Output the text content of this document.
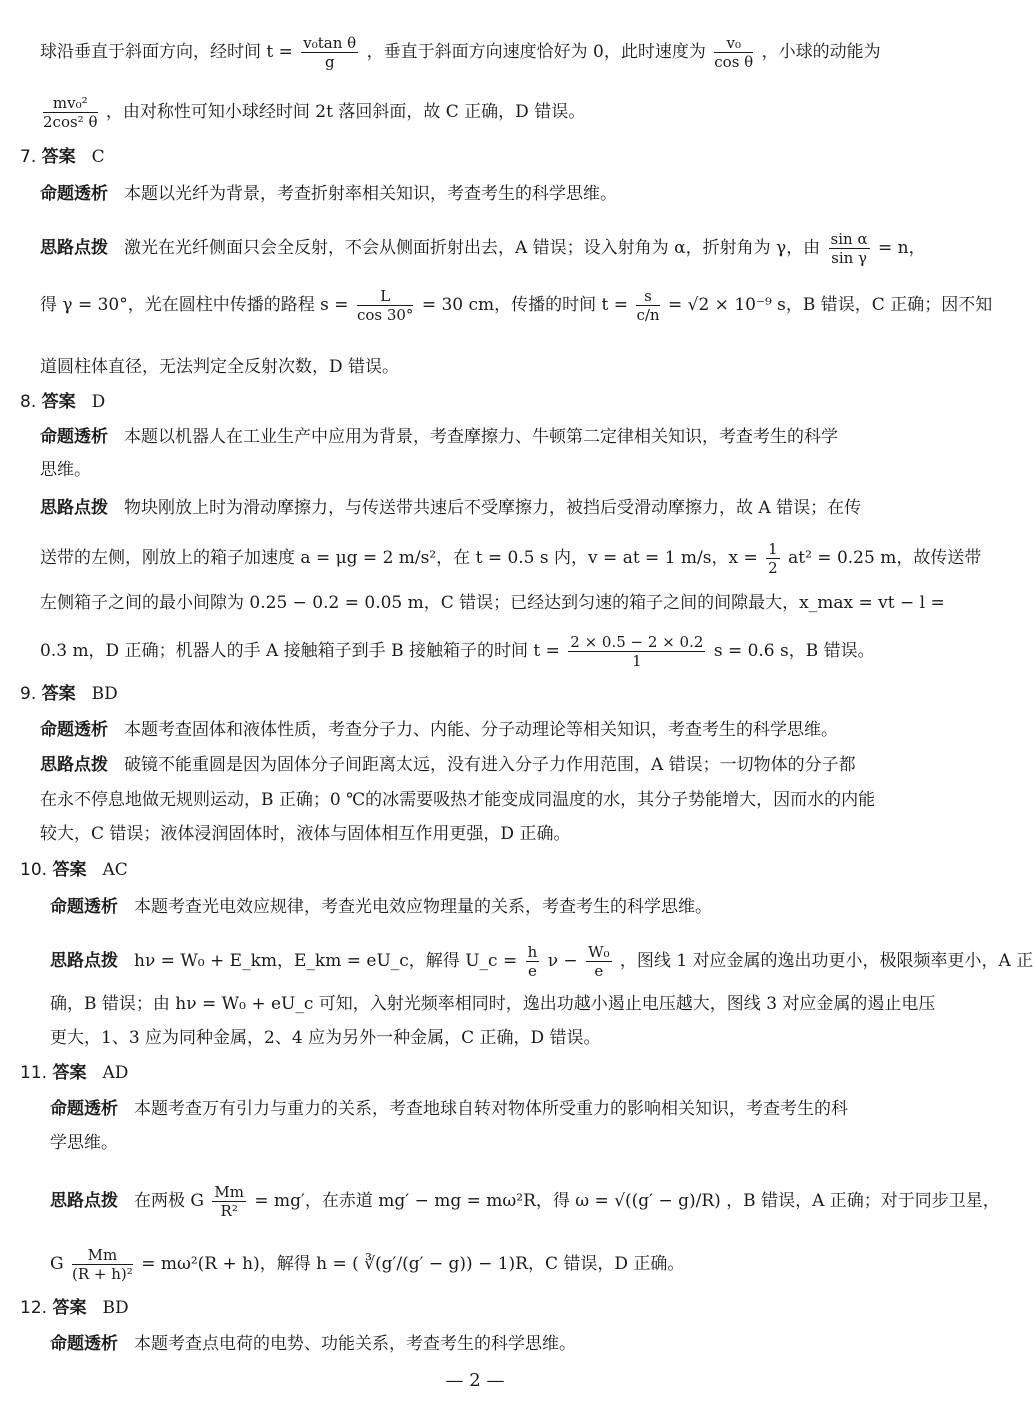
球沿垂直于斜面方向，经时间 $t = \frac{\text{v₀tan θ}}{g}$ ，垂直于斜面方向速度恰好为 0，此时速度为 $\frac{\text{v₀}}{\text{cos θ}}$ ，小球的动能为
$\frac{\text{mv₀²}}{\text{2cos² θ}}$ ，由对称性可知小球经时间 2t 落回斜面，故 C 正确，D 错误。
7. 答案 C
命题透析 本题以光纤为背景，考查折射率相关知识，考查考生的科学思维。
思路点拨 激光在光纤侧面只会全反射，不会从侧面折射出去，A 错误；设入射角为 α，折射角为 γ，由 $\frac{\text{sin α}}{\text{sin γ}} = n$，
得 γ = 30°，光在圆柱中传播的路程 $s = \frac{L}{\cos 30^\circ} = 30$ cm，传播的时间 $t = \frac{s}{c/n} = √2 \times 10^{-9}$ s，B 错误，C 正确；因不知
道圆柱体直径，无法判定全反射次数，D 错误。
8. 答案 D
命题透析 本题以机器人在工业生产中应用为背景，考查摩擦力、牛顿第二定律相关知识，考查考生的科学
思维。
思路点拨 物块刚放上时为滑动摩擦力，与传送带共速后不受摩擦力，被挡后受滑动摩擦力，故 A 错误；在传
送带的左侧，刚放上的箱子加速度 a = μg = 2 m/s²，在 t = 0.5 s 内，v = at = 1 m/s，$x = \frac{1}{2} at^2 = 0.25$ m，故传送带
左侧箱子之间的最小间隙为 0.25 − 0.2 = 0.05 m，C 错误；已经达到匀速的箱子之间的间隙最大，x_max = vt − l =
0.3 m，D 正确；机器人的手 A 接触箱子到手 B 接触箱子的时间 $t = \frac{2 \times 0.5 - 2 \times 0.2}{1}$ s = 0.6 s，B 错误。
9. 答案 BD
命题透析 本题考查固体和液体性质，考查分子力、内能、分子动理论等相关知识，考查考生的科学思维。
思路点拨 破镜不能重圆是因为固体分子间距离太远，没有进入分子力作用范围，A 错误；一切物体的分子都
在永不停息地做无规则运动，B 正确；0 ℃的冰需要吸热才能变成同温度的水，其分子势能增大，因而水的内能
较大，C 错误；液体浸润固体时，液体与固体相互作用更强，D 正确。
10. 答案 AC
命题透析 本题考查光电效应规律，考查光电效应物理量的关系，考查考生的科学思维。
思路点拨 hν = W₀ + E_km，E_km = eU_c，解得 U_c = $\frac{h}{e}$ $\nu - \frac{\text{W₀}}{e}$ ，图线 1 对应金属的逸出功更小，极限频率更小，A 正
确，B 错误；由 hν = W₀ + eU_c 可知，入射光频率相同时，逸出功越小遏止电压越大，图线 3 对应金属的遏止电压
更大，1、3 应为同种金属，2、4 应为另外一种金属，C 正确，D 错误。
11. 答案 AD
命题透析 本题考查万有引力与重力的关系，考查地球自转对物体所受重力的影响相关知识，考查考生的科
学思维。
思路点拨 在两极 G $\frac{Mm}{\text{R²}} = mg'$，在赤道 mg′ − mg = mω²R，得 ω = √((g′ − g)/R) ，B 错误，A 正确；对于同步卫星，
G $\frac{Mm}{\text{(R + h)²}} = m\omega^2(R + h)$，解得 h = ( ∛(g′/(g′ − g)) − 1)R，C 错误，D 正确。
12. 答案 BD
命题透析 本题考查点电荷的电势、功能关系，考查考生的科学思维。
— 2 —
